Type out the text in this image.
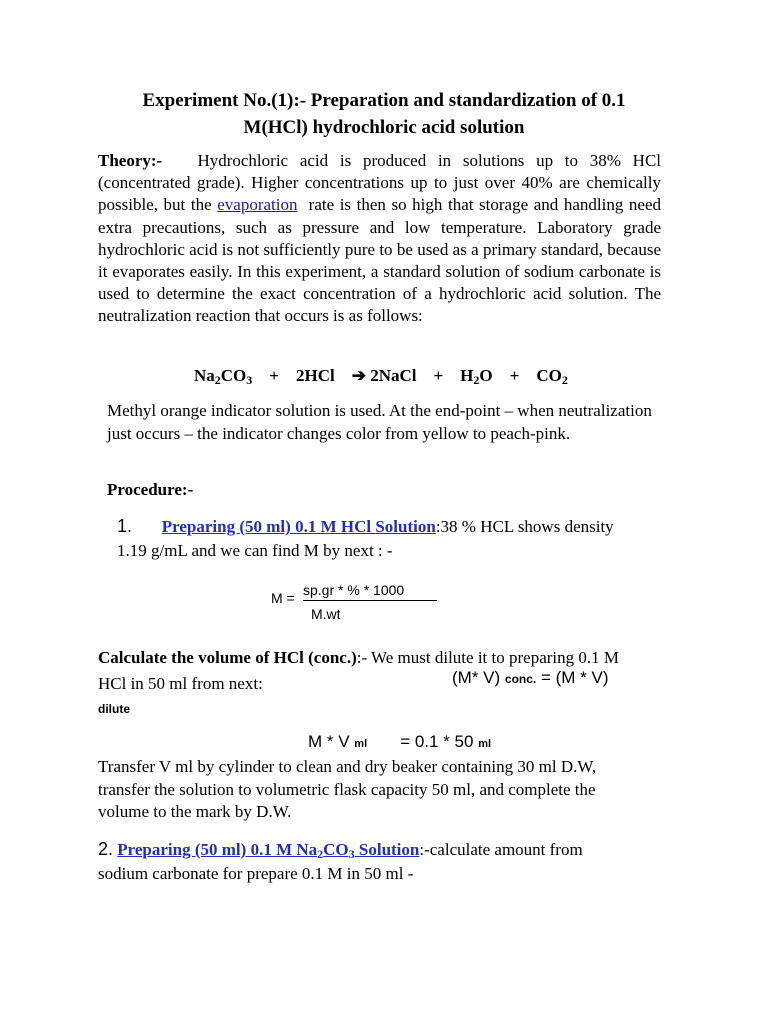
Experiment No.(1):- Preparation and standardization of 0.1
M(HCl) hydrochloric acid solution
Theory:- Hydrochloric acid is produced in solutions up to 38% HCl (concentrated grade). Higher concentrations up to just over 40% are chemically possible, but the evaporation rate is then so high that storage and handling need extra precautions, such as pressure and low temperature. Laboratory grade hydrochloric acid is not sufficiently pure to be used as a primary standard, because it evaporates easily. In this experiment, a standard solution of sodium carbonate is used to determine the exact concentration of a hydrochloric acid solution. The neutralization reaction that occurs is as follows:
$Na_2CO_3 + 2HCl$ ➔ 2NaCl + $H_2O + CO_2$
Methyl orange indicator solution is used. At the end-point – when neutralization just occurs – the indicator changes color from yellow to peach-pink.
Procedure:-
1. Preparing (50 ml) 0.1 M HCl Solution:38 % HCL shows density
1.19 g/mL and we can find M by next : -
M = sp.gr * % * 1000
M.wt
Calculate the volume of HCl (conc.):- We must dilute it to preparing 0.1 M
HCl in 50 ml from next:	(M* V) conc. = (M * V)
dilute
M * V ml = 0.1 * 50 ml
Transfer V ml by cylinder to clean and dry beaker containing 30 ml D.W, transfer the solution to volumetric flask capacity 50 ml, and complete the volume to the mark by D.W.
2. Preparing (50 ml) 0.1 M $Na_2CO_3$ Solution:-calculate amount from
sodium carbonate for prepare 0.1 M in 50 ml -
